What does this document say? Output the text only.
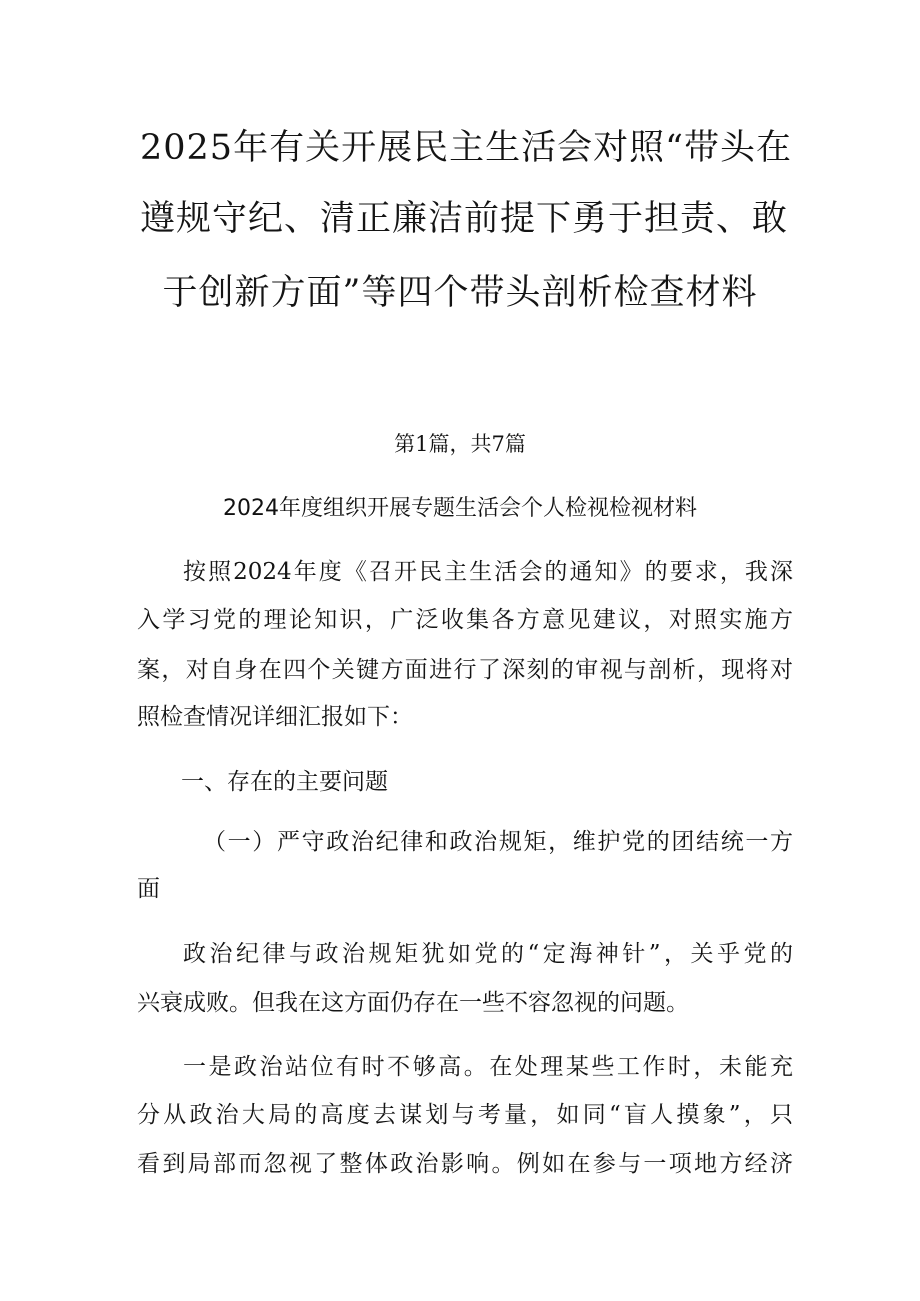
2025年有关开展民主生活会对照“带头在
遵规守纪、清正廉洁前提下勇于担责、敢
于创新方面”等四个带头剖析检查材料
第1篇，共7篇
2024年度组织开展专题生活会个人检视检视材料
按照2024年度《召开民主生活会的通知》的要求，我深
入学习党的理论知识，广泛收集各方意见建议，对照实施方
案，对自身在四个关键方面进行了深刻的审视与剖析，现将对
照检查情况详细汇报如下：
一、存在的主要问题
（一）严守政治纪律和政治规矩，维护党的团结统一方
面
政治纪律与政治规矩犹如党的“定海神针”，关乎党的
兴衰成败。但我在这方面仍存在一些不容忽视的问题。
一是政治站位有时不够高。在处理某些工作时，未能充
分从政治大局的高度去谋划与考量，如同“盲人摸象”，只
看到局部而忽视了整体政治影响。例如在参与一项地方经济
